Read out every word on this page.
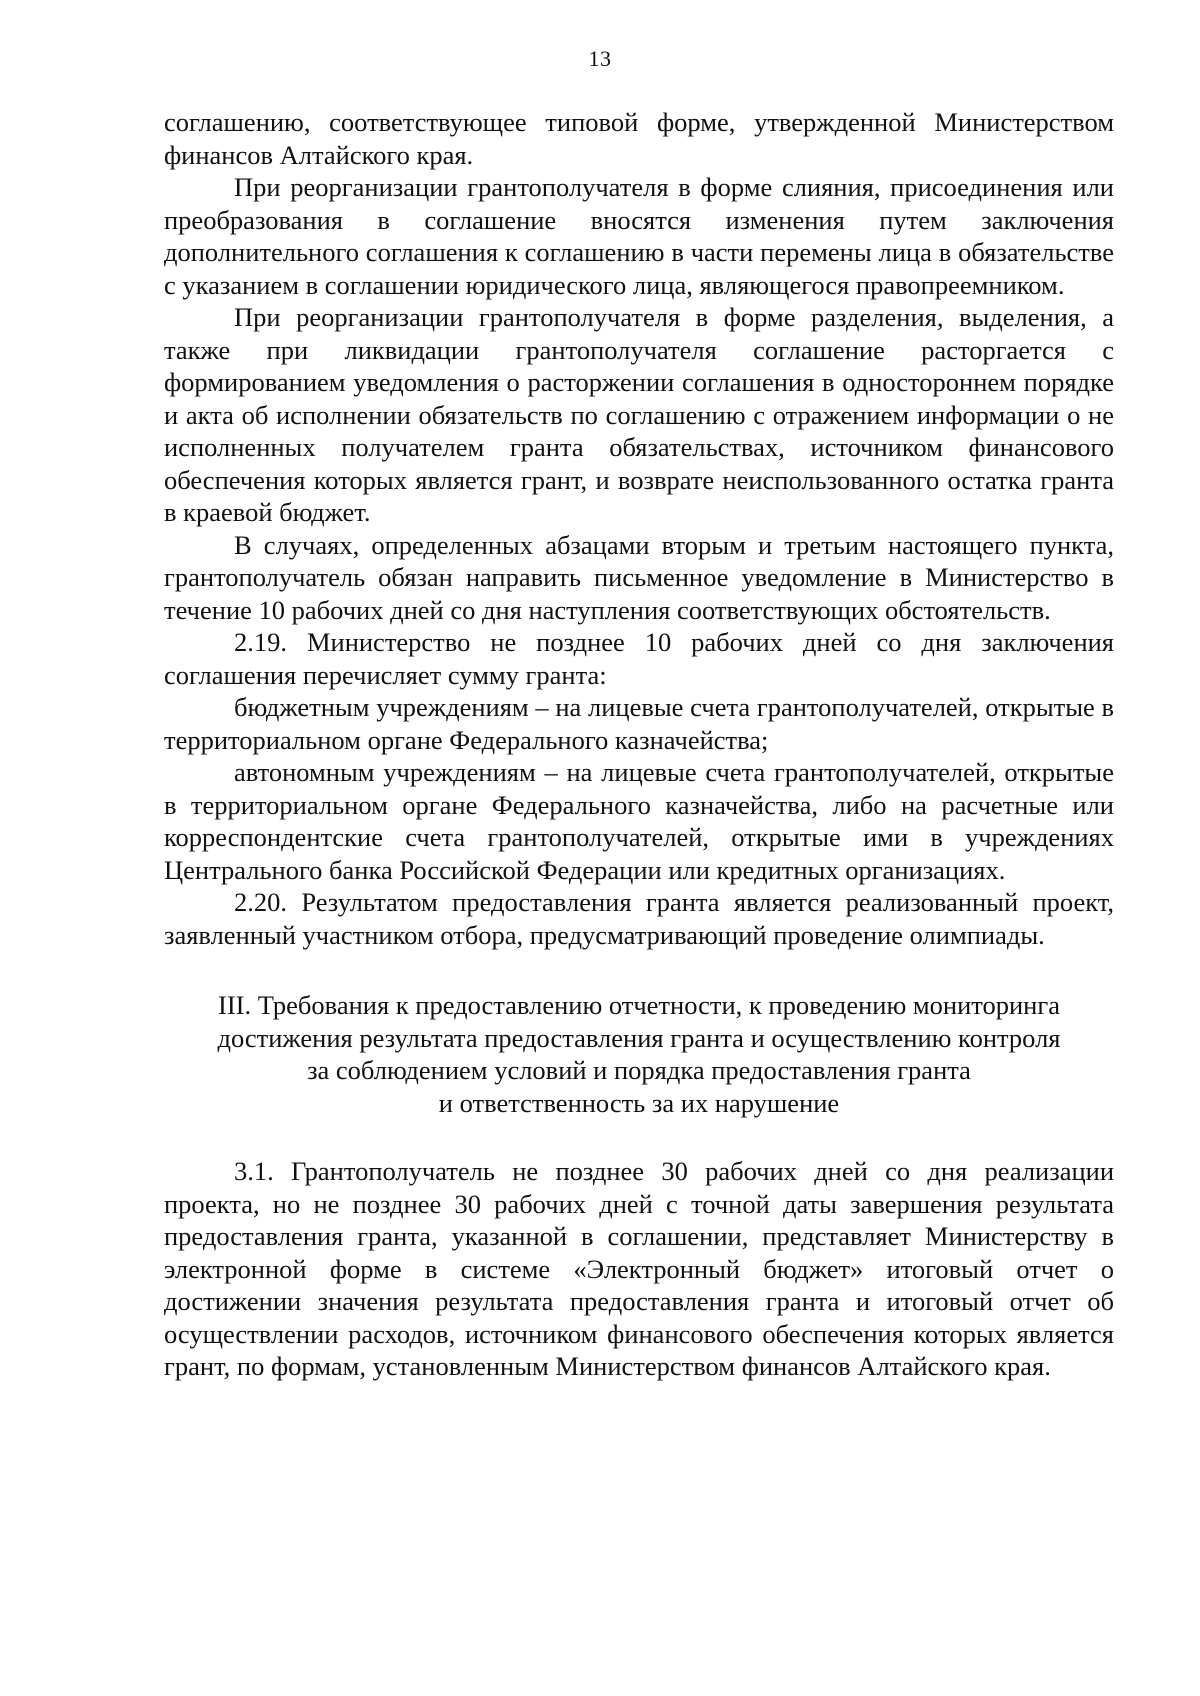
13

соглашению, соответствующее типовой форме, утвержденной Министерством финансов Алтайского края.

При реорганизации грантополучателя в форме слияния, присоединения или преобразования в соглашение вносятся изменения путем заключения дополнительного соглашения к соглашению в части перемены лица в обязательстве с указанием в соглашении юридического лица, являющегося правопреемником.

При реорганизации грантополучателя в форме разделения, выделения, а также при ликвидации грантополучателя соглашение расторгается с формированием уведомления о расторжении соглашения в одностороннем порядке и акта об исполнении обязательств по соглашению с отражением информации о не исполненных получателем гранта обязательствах, источником финансового обеспечения которых является грант, и возврате неиспользованного остатка гранта в краевой бюджет.

В случаях, определенных абзацами вторым и третьим настоящего пункта, грантополучатель обязан направить письменное уведомление в Министерство в течение 10 рабочих дней со дня наступления соответствующих обстоятельств.

2.19. Министерство не позднее 10 рабочих дней со дня заключения соглашения перечисляет сумму гранта:

бюджетным учреждениям – на лицевые счета грантополучателей, открытые в территориальном органе Федерального казначейства;

автономным учреждениям – на лицевые счета грантополучателей, открытые в территориальном органе Федерального казначейства, либо на расчетные или корреспондентские счета грантополучателей, открытые ими в учреждениях Центрального банка Российской Федерации или кредитных организациях.

2.20. Результатом предоставления гранта является реализованный проект, заявленный участником отбора, предусматривающий проведение олимпиады.

III. Требования к предоставлению отчетности, к проведению мониторинга
достижения результата предоставления гранта и осуществлению контроля
за соблюдением условий и порядка предоставления гранта
и ответственность за их нарушение

3.1. Грантополучатель не позднее 30 рабочих дней со дня реализации проекта, но не позднее 30 рабочих дней с точной даты завершения результата предоставления гранта, указанной в соглашении, представляет Министерству в электронной форме в системе «Электронный бюджет» итоговый отчет о достижении значения результата предоставления гранта и итоговый отчет об осуществлении расходов, источником финансового обеспечения которых является грант, по формам, установленным Министерством финансов Алтайского края.
